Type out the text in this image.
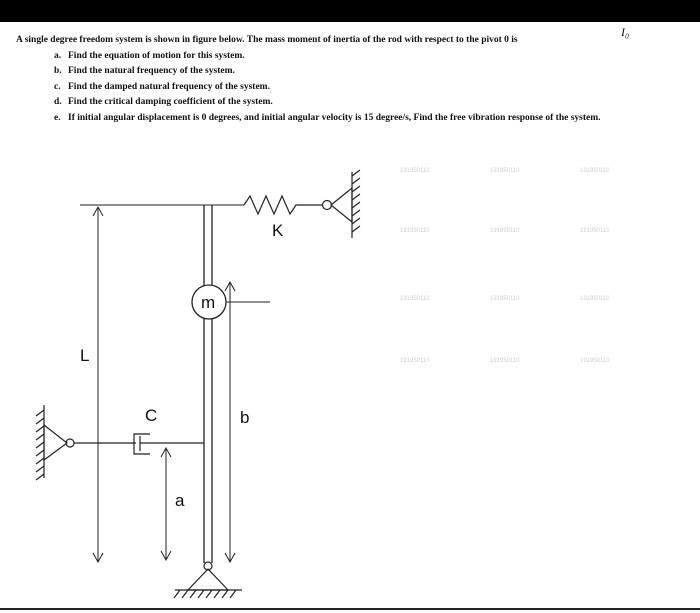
A single degree freedom system is shown in figure below. The mass moment of inertia of the rod with respect to the pivot 0 is
I₀
a. Find the equation of motion for this system.
b. Find the natural frequency of the system.
c. Find the damped natural frequency of the system.
d. Find the critical damping coefficient of the system.
e. If initial angular displacement is 0 degrees, and initial angular velocity is 15 degree/s, Find the free vibration response of the system.
191950110	191950110	191950110
191950110	191950110	191950110
191950110	191950110	191950110
191950110	191950110	191950110
K
m
L
b
C
a
